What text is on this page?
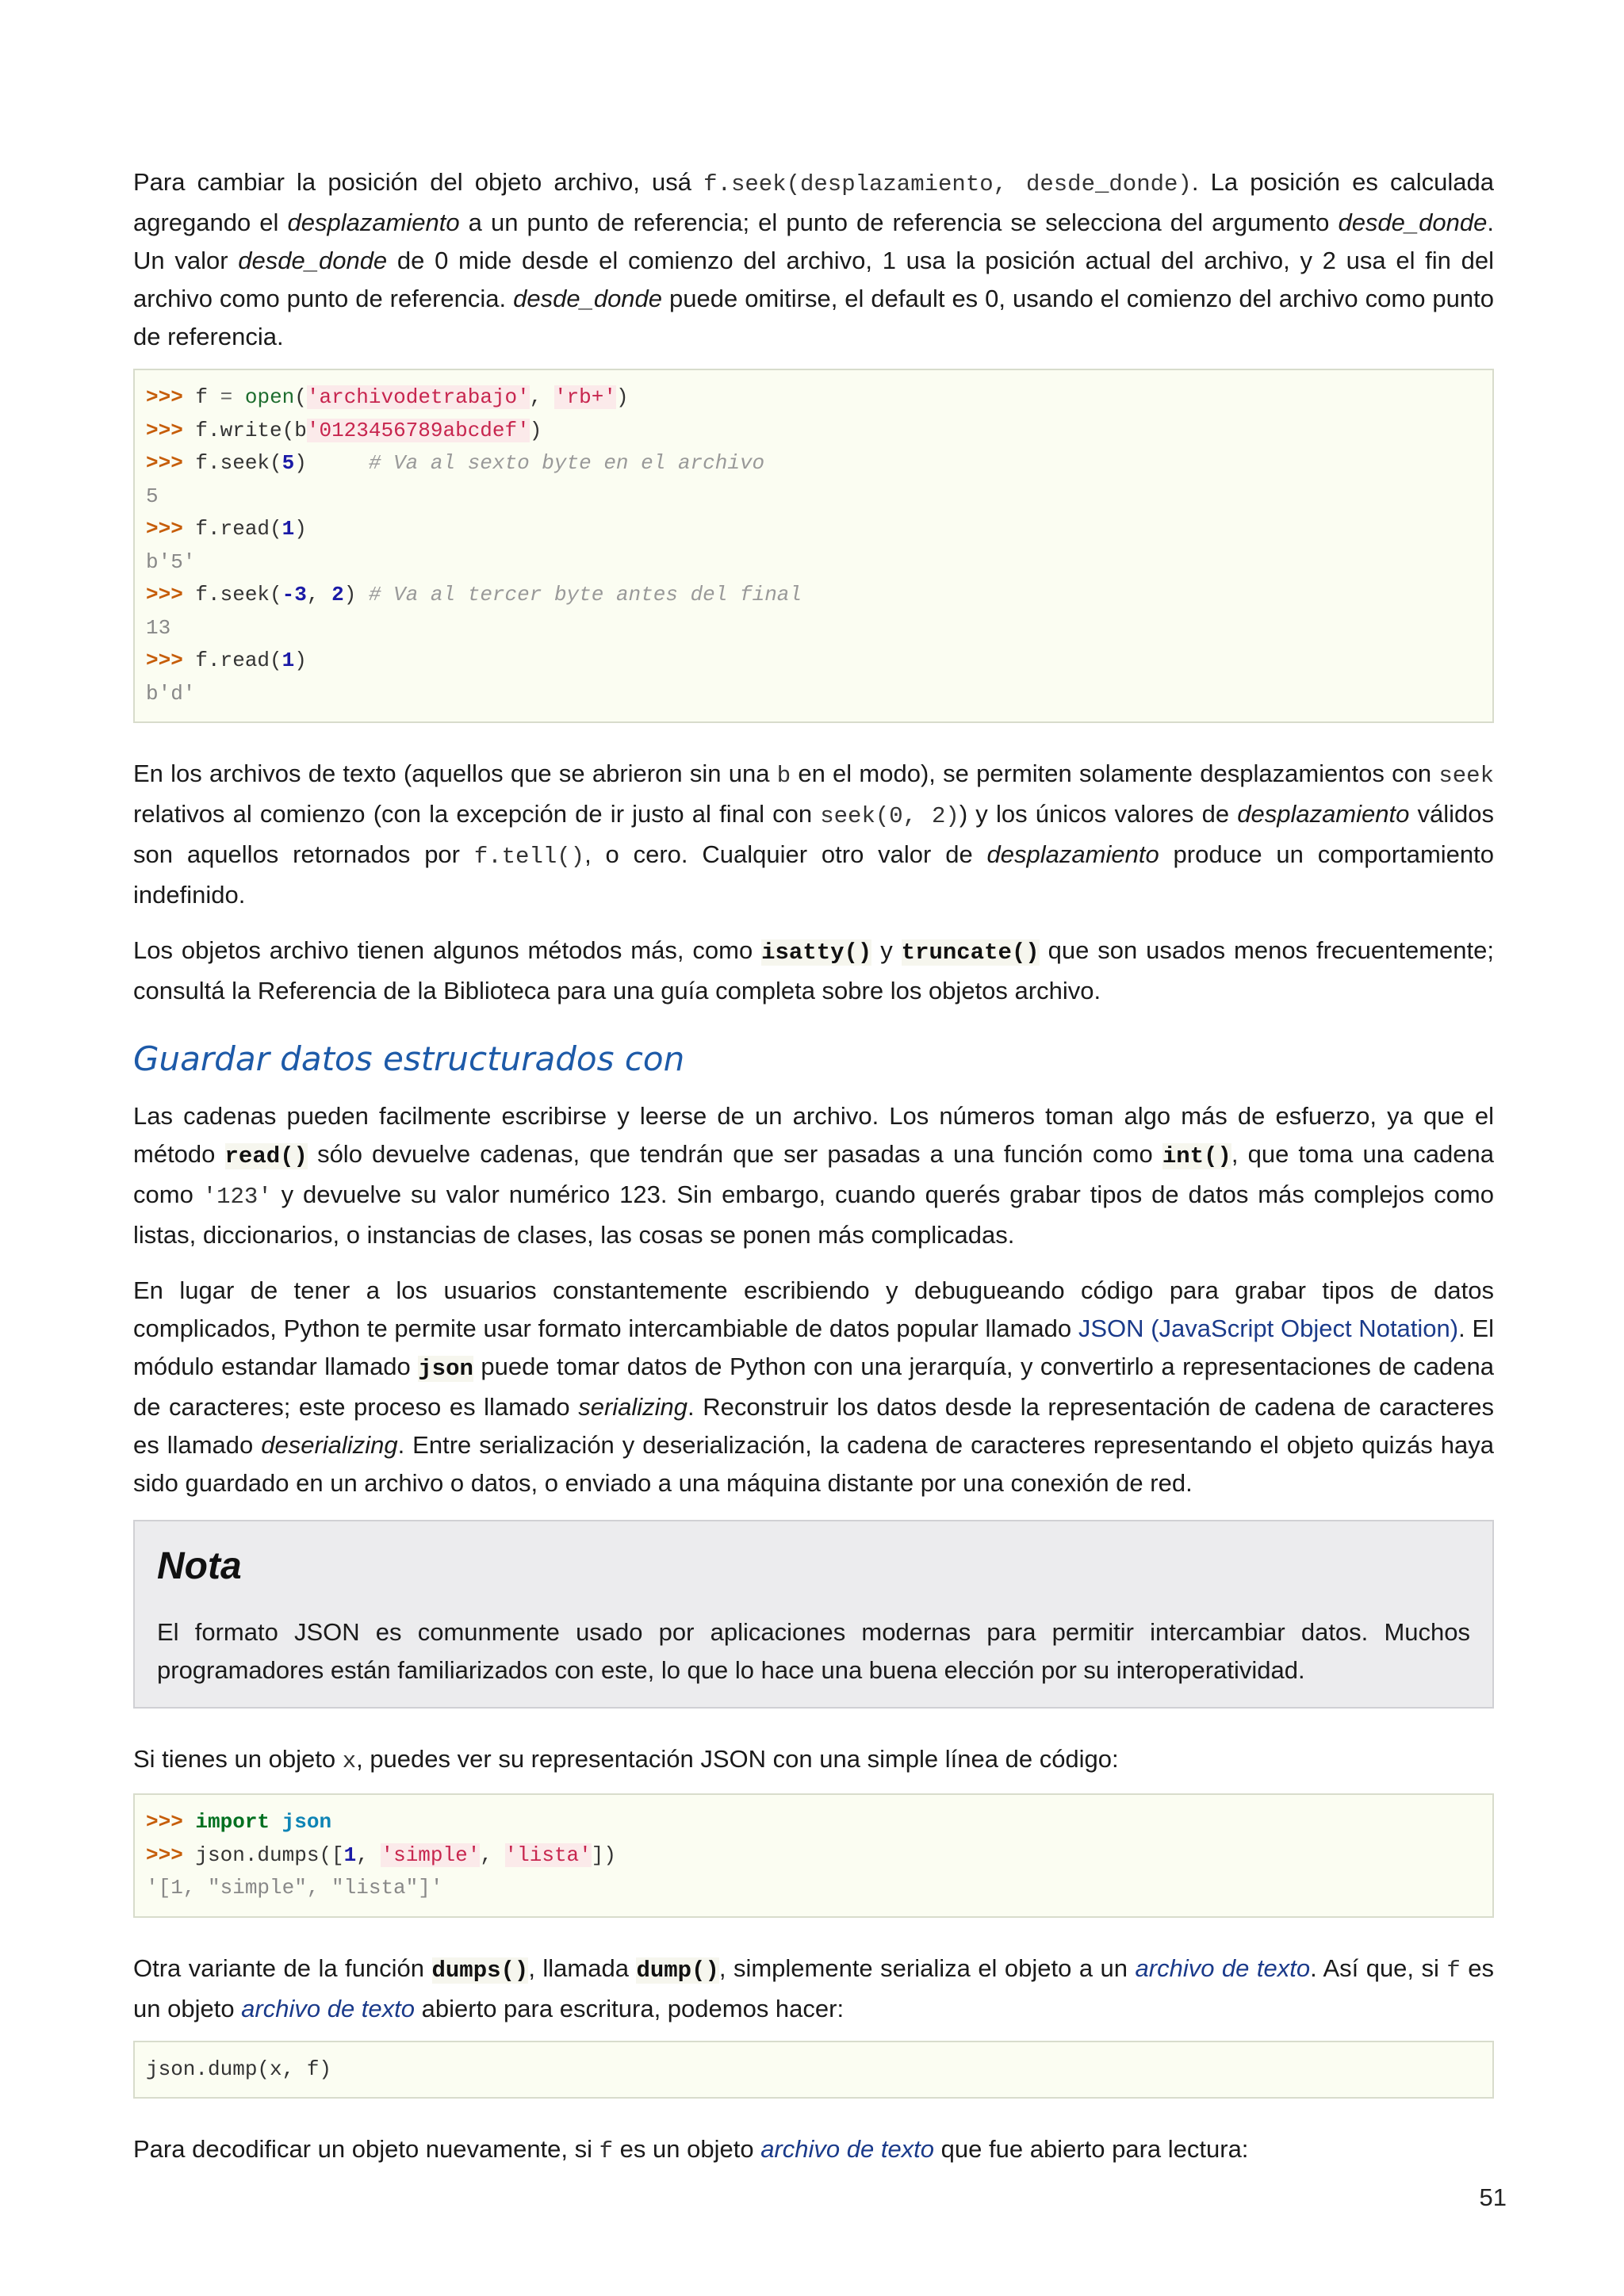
Para cambiar la posición del objeto archivo, usá f.seek(desplazamiento, desde_donde). La posición es calculada agregando el desplazamiento a un punto de referencia; el punto de referencia se selecciona del argumento desde_donde. Un valor desde_donde de 0 mide desde el comienzo del archivo, 1 usa la posición actual del archivo, y 2 usa el fin del archivo como punto de referencia. desde_donde puede omitirse, el default es 0, usando el comienzo del archivo como punto de referencia.

>>> f = open('archivodetrabajo', 'rb+')
>>> f.write(b'0123456789abcdef')
>>> f.seek(5)     # Va al sexto byte en el archivo
5
>>> f.read(1)
b'5'
>>> f.seek(-3, 2) # Va al tercer byte antes del final
13
>>> f.read(1)
b'd'

En los archivos de texto (aquellos que se abrieron sin una b en el modo), se permiten solamente desplazamientos con seek relativos al comienzo (con la excepción de ir justo al final con seek(0, 2)) y los únicos valores de desplazamiento válidos son aquellos retornados por f.tell(), o cero. Cualquier otro valor de desplazamiento produce un comportamiento indefinido.

Los objetos archivo tienen algunos métodos más, como isatty() y truncate() que son usados menos frecuentemente; consultá la Referencia de la Biblioteca para una guía completa sobre los objetos archivo.

Guardar datos estructurados con

Las cadenas pueden facilmente escribirse y leerse de un archivo. Los números toman algo más de esfuerzo, ya que el método read() sólo devuelve cadenas, que tendrán que ser pasadas a una función como int(), que toma una cadena como '123' y devuelve su valor numérico 123. Sin embargo, cuando querés grabar tipos de datos más complejos como listas, diccionarios, o instancias de clases, las cosas se ponen más complicadas.

En lugar de tener a los usuarios constantemente escribiendo y debugueando código para grabar tipos de datos complicados, Python te permite usar formato intercambiable de datos popular llamado JSON (JavaScript Object Notation). El módulo estandar llamado json puede tomar datos de Python con una jerarquía, y convertirlo a representaciones de cadena de caracteres; este proceso es llamado serializing. Reconstruir los datos desde la representación de cadena de caracteres es llamado deserializing. Entre serialización y deserialización, la cadena de caracteres representando el objeto quizás haya sido guardado en un archivo o datos, o enviado a una máquina distante por una conexión de red.

Nota

El formato JSON es comunmente usado por aplicaciones modernas para permitir intercambiar datos. Muchos programadores están familiarizados con este, lo que lo hace una buena elección por su interoperatividad.

Si tienes un objeto x, puedes ver su representación JSON con una simple línea de código:

>>> import json
>>> json.dumps([1, 'simple', 'lista'])
'[1, "simple", "lista"]'

Otra variante de la función dumps(), llamada dump(), simplemente serializa el objeto a un archivo de texto. Así que, si f es un objeto archivo de texto abierto para escritura, podemos hacer:

json.dump(x, f)

Para decodificar un objeto nuevamente, si f es un objeto archivo de texto que fue abierto para lectura:

51
